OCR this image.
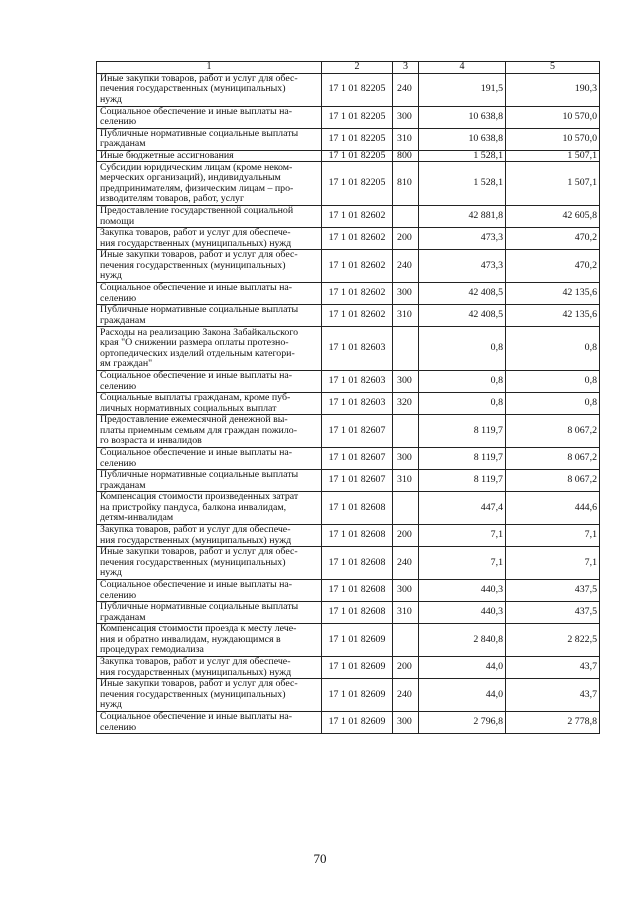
1	2	3	4	5
Иные закупки товаров, работ и услуг для обес-
печения государственных (муниципальных)
нужд	17 1 01 82205	240	191,5	190,3
Социальное обеспечение и иные выплаты на-
селению	17 1 01 82205	300	10 638,8	10 570,0
Публичные нормативные социальные выплаты
гражданам	17 1 01 82205	310	10 638,8	10 570,0
Иные бюджетные ассигнования	17 1 01 82205	800	1 528,1	1 507,1
Субсидии юридическим лицам (кроме неком-
мерческих организаций), индивидуальным
предпринимателям, физическим лицам – про-
изводителям товаров, работ, услуг	17 1 01 82205	810	1 528,1	1 507,1
Предоставление государственной социальной
помощи	17 1 01 82602		42 881,8	42 605,8
Закупка товаров, работ и услуг для обеспече-
ния государственных (муниципальных) нужд	17 1 01 82602	200	473,3	470,2
Иные закупки товаров, работ и услуг для обес-
печения государственных (муниципальных)
нужд	17 1 01 82602	240	473,3	470,2
Социальное обеспечение и иные выплаты на-
селению	17 1 01 82602	300	42 408,5	42 135,6
Публичные нормативные социальные выплаты
гражданам	17 1 01 82602	310	42 408,5	42 135,6
Расходы на реализацию Закона Забайкальского
края "О снижении размера оплаты протезно-
ортопедических изделий отдельным категори-
ям граждан"	17 1 01 82603		0,8	0,8
Социальное обеспечение и иные выплаты на-
селению	17 1 01 82603	300	0,8	0,8
Социальные выплаты гражданам, кроме пуб-
личных нормативных социальных выплат	17 1 01 82603	320	0,8	0,8
Предоставление ежемесячной денежной вы-
платы приемным семьям для граждан пожило-
го возраста и инвалидов	17 1 01 82607		8 119,7	8 067,2
Социальное обеспечение и иные выплаты на-
селению	17 1 01 82607	300	8 119,7	8 067,2
Публичные нормативные социальные выплаты
гражданам	17 1 01 82607	310	8 119,7	8 067,2
Компенсация стоимости произведенных затрат
на пристройку пандуса, балкона инвалидам,
детям-инвалидам	17 1 01 82608		447,4	444,6
Закупка товаров, работ и услуг для обеспече-
ния государственных (муниципальных) нужд	17 1 01 82608	200	7,1	7,1
Иные закупки товаров, работ и услуг для обес-
печения государственных (муниципальных)
нужд	17 1 01 82608	240	7,1	7,1
Социальное обеспечение и иные выплаты на-
селению	17 1 01 82608	300	440,3	437,5
Публичные нормативные социальные выплаты
гражданам	17 1 01 82608	310	440,3	437,5
Компенсация стоимости проезда к месту лече-
ния и обратно инвалидам, нуждающимся в
процедурах гемодиализа	17 1 01 82609		2 840,8	2 822,5
Закупка товаров, работ и услуг для обеспече-
ния государственных (муниципальных) нужд	17 1 01 82609	200	44,0	43,7
Иные закупки товаров, работ и услуг для обес-
печения государственных (муниципальных)
нужд	17 1 01 82609	240	44,0	43,7
Социальное обеспечение и иные выплаты на-
селению	17 1 01 82609	300	2 796,8	2 778,8
70
